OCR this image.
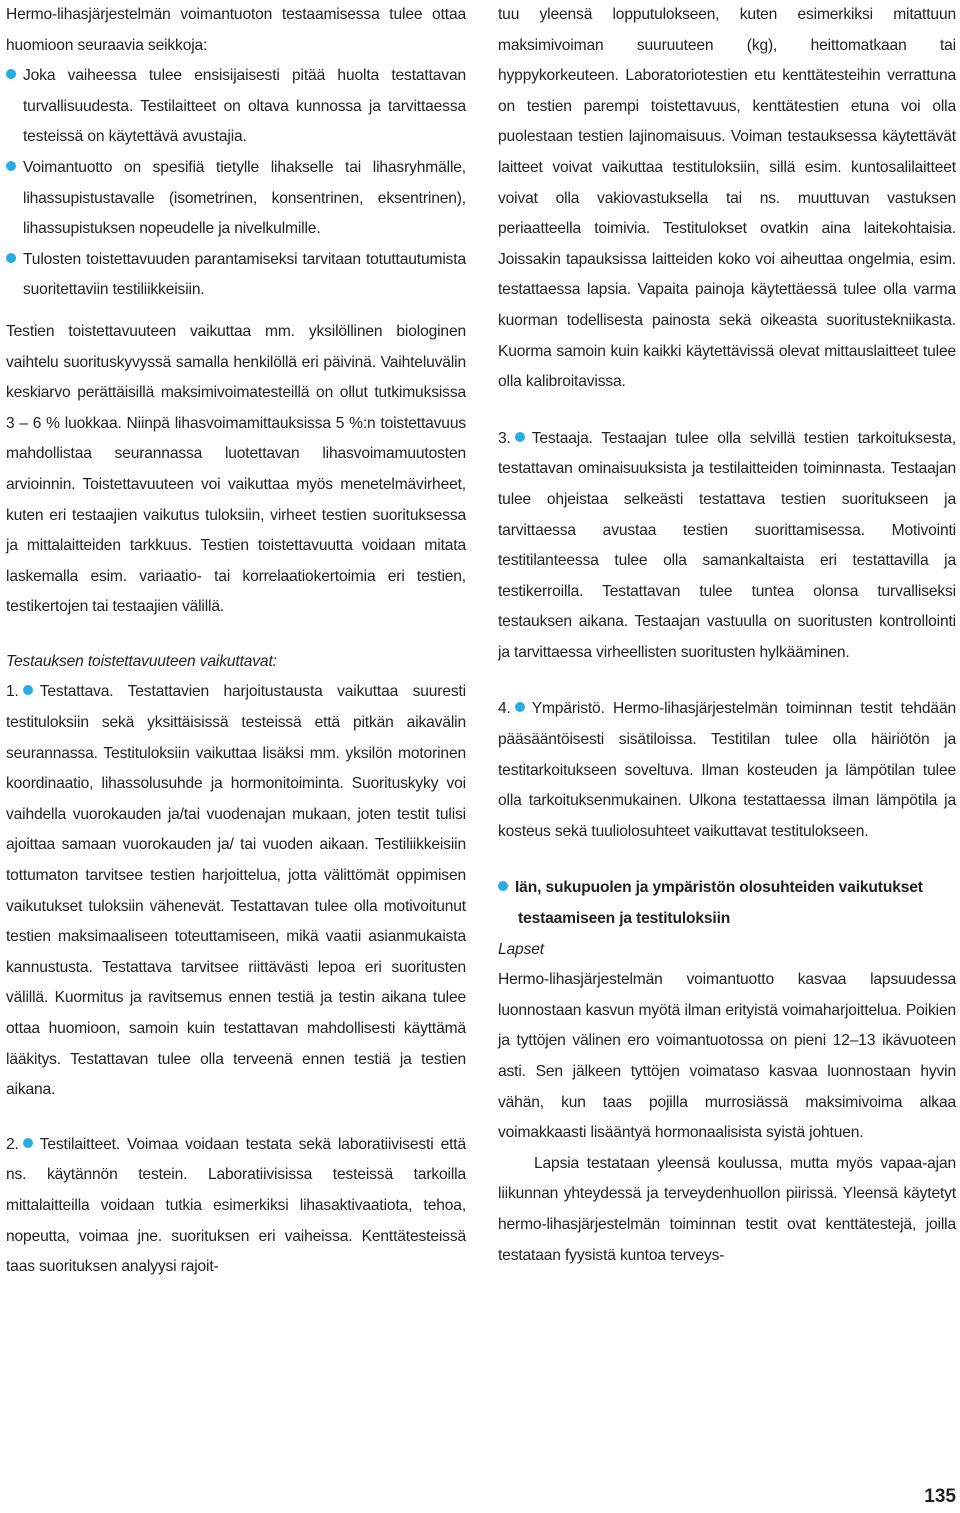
Hermo-lihasjärjestelmän voimantuoton testaamisessa tulee ottaa huomioon seuraavia seikkoja:

Joka vaiheessa tulee ensisijaisesti pitää huolta testattavan turvallisuudesta. Testilaitteet on oltava kunnossa ja tarvittaessa testeissä on käytettävä avustajia.

Voimantuotto on spesifiä tietylle lihakselle tai lihasryhmälle, lihassupistustavalle (isometrinen, konsentrinen, eksentrinen), lihassupistuksen nopeudelle ja nivelkulmille.

Tulosten toistettavuuden parantamiseksi tarvitaan totuttautumista suoritettaviin testiliikkeisiin.

Testien toistettavuuteen vaikuttaa mm. yksilöllinen biologinen vaihtelu suorituskyvyssä samalla henkilöllä eri päivinä. Vaihteluvälin keskiarvo perättäisillä maksimivoimatesteillä on ollut tutkimuksissa 3 – 6 % luokkaa. Niinpä lihasvoimamittauksissa 5 %:n toistettavuus mahdollistaa seurannassa luotettavan lihasvoimamuutosten arvioinnin. Toistettavuuteen voi vaikuttaa myös menetelmävirheet, kuten eri testaajien vaikutus tuloksiin, virheet testien suorituksessa ja mittalaitteiden tarkkuus. Testien toistettavuutta voidaan mitata laskemalla esim. variaatio- tai korrelaatiokertoimia eri testien, testikertojen tai testaajien välillä.

Testauksen toistettavuuteen vaikuttavat:

1. Testattava. Testattavien harjoitustausta vaikuttaa suuresti testituloksiin sekä yksittäisissä testeissä että pitkän aikavälin seurannassa. Testituloksiin vaikuttaa lisäksi mm. yksilön motorinen koordinaatio, lihassolusuhde ja hormonitoiminta. Suorituskyky voi vaihdella vuorokauden ja/tai vuodenajan mukaan, joten testit tulisi ajoittaa samaan vuorokauden ja/ tai vuoden aikaan. Testiliikkeisiin tottumaton tarvitsee testien harjoittelua, jotta välittömät oppimisen vaikutukset tuloksiin vähenevät. Testattavan tulee olla motivoitunut testien maksimaaliseen toteuttamiseen, mikä vaatii asianmukaista kannustusta. Testattava tarvitsee riittävästi lepoa eri suoritusten välillä. Kuormitus ja ravitsemus ennen testiä ja testin aikana tulee ottaa huomioon, samoin kuin testattavan mahdollisesti käyttämä lääkitys. Testattavan tulee olla terveenä ennen testiä ja testien aikana.

2. Testilaitteet. Voimaa voidaan testata sekä laboratiivisesti että ns. käytännön testein. Laboratiivisissa testeissä tarkoilla mittalaitteilla voidaan tutkia esimerkiksi lihasaktivaatiota, tehoa, nopeutta, voimaa jne. suorituksen eri vaiheissa. Kenttätesteissä taas suorituksen analyysi rajoit-

tuu yleensä lopputulokseen, kuten esimerkiksi mitattuun maksimivoiman suuruuteen (kg), heittomatkaan tai hyppykorkeuteen. Laboratoriotestien etu kenttätesteihin verrattuna on testien parempi toistettavuus, kenttätestien etuna voi olla puolestaan testien lajinomaisuus. Voiman testauksessa käytettävät laitteet voivat vaikuttaa testituloksiin, sillä esim. kuntosalilaitteet voivat olla vakiovastuksella tai ns. muuttuvan vastuksen periaatteella toimivia. Testitulokset ovatkin aina laitekohtaisia. Joissakin tapauksissa laitteiden koko voi aiheuttaa ongelmia, esim. testattaessa lapsia. Vapaita painoja käytettäessä tulee olla varma kuorman todellisesta painosta sekä oikeasta suoritustekniikasta. Kuorma samoin kuin kaikki käytettävissä olevat mittauslaitteet tulee olla kalibroitavissa.

3. Testaaja. Testaajan tulee olla selvillä testien tarkoituksesta, testattavan ominaisuuksista ja testilaitteiden toiminnasta. Testaajan tulee ohjeistaa selkeästi testattava testien suoritukseen ja tarvittaessa avustaa testien suorittamisessa. Motivointi testitilanteessa tulee olla samankaltaista eri testattavilla ja testikerroilla. Testattavan tulee tuntea olonsa turvalliseksi testauksen aikana. Testaajan vastuulla on suoritusten kontrollointi ja tarvittaessa virheellisten suoritusten hylkääminen.

4. Ympäristö. Hermo-lihasjärjestelmän toiminnan testit tehdään pääsääntöisesti sisätiloissa. Testitilan tulee olla häiriötön ja testitarkoitukseen soveltuva. Ilman kosteuden ja lämpötilan tulee olla tarkoituksenmukainen. Ulkona testattaessa ilman lämpötila ja kosteus sekä tuuliolosuhteet vaikuttavat testitulokseen.

Iän, sukupuolen ja ympäristön olosuhteiden vaikutukset testaamiseen ja testituloksiin

Lapset

Hermo-lihasjärjestelmän voimantuotto kasvaa lapsuudessa luonnostaan kasvun myötä ilman erityistä voimaharjoittelua. Poikien ja tyttöjen välinen ero voimantuotossa on pieni 12–13 ikävuoteen asti. Sen jälkeen tyttöjen voimataso kasvaa luonnostaan hyvin vähän, kun taas pojilla murrosiässä maksimivoima alkaa voimakkaasti lisääntyä hormonaalisista syistä johtuen.

Lapsia testataan yleensä koulussa, mutta myös vapaa-ajan liikunnan yhteydessä ja terveydenhuollon piirissä. Yleensä käytetyt hermo-lihasjärjestelmän toiminnan testit ovat kenttätestejä, joilla testataan fyysistä kuntoa terveys-

135
